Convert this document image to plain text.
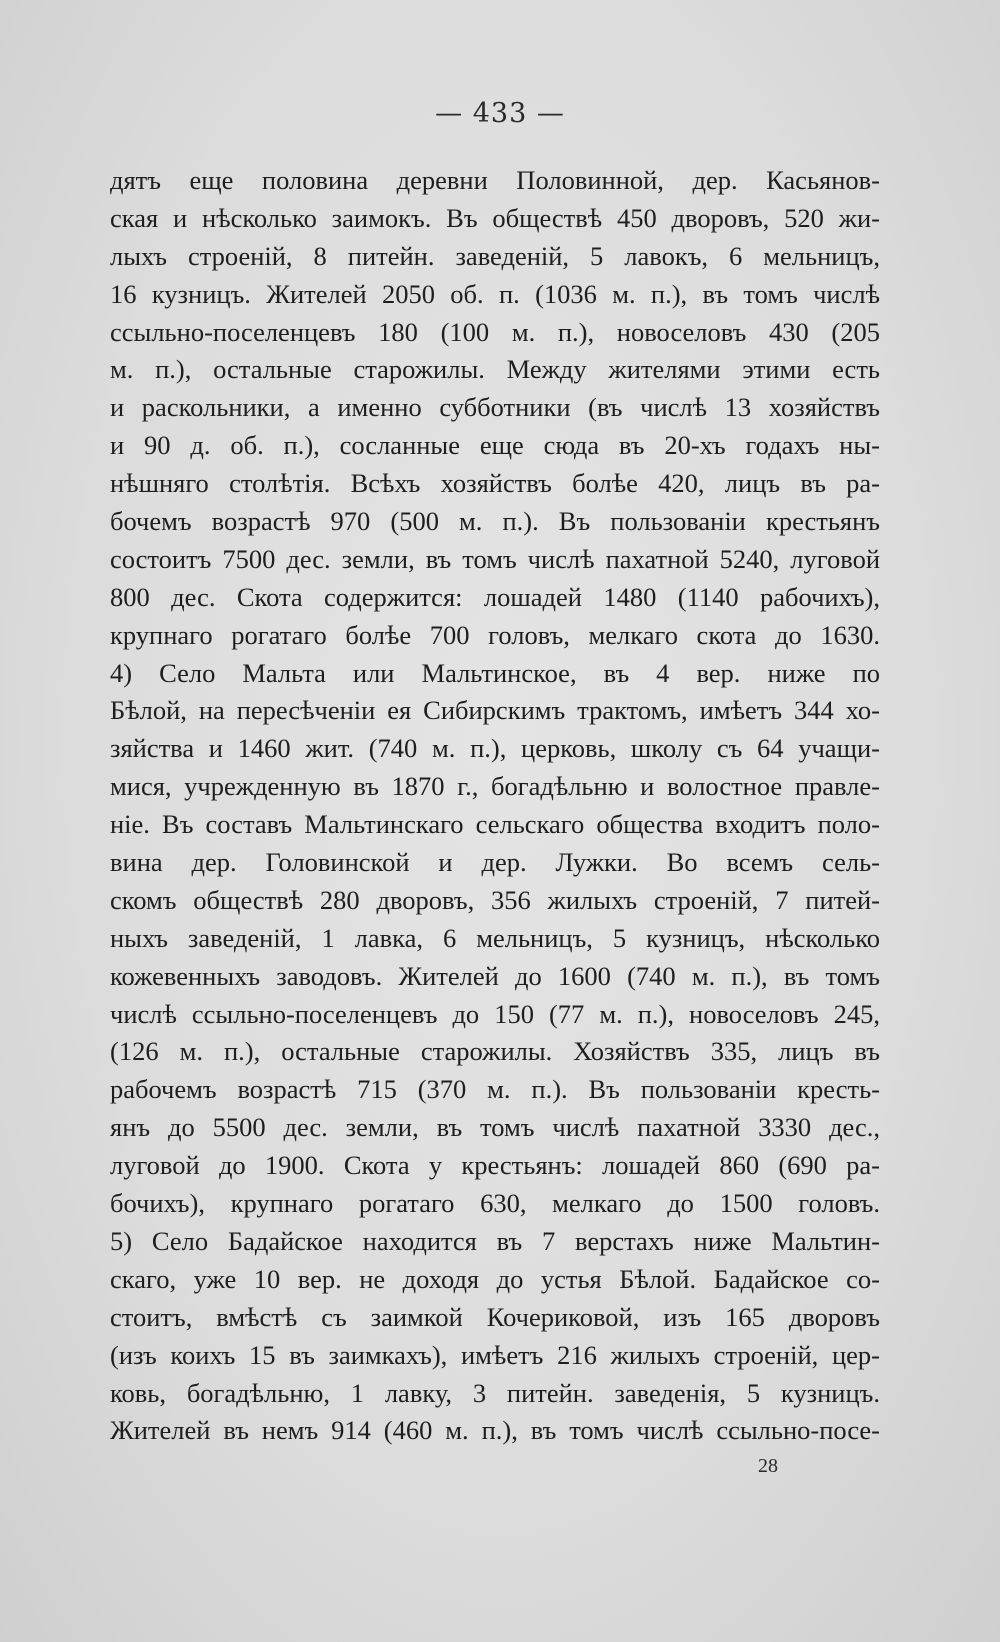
— 433 —
дятъ еще половина деревни Половинной, дер. Касьянов-
ская и нѣсколько заимокъ. Въ обществѣ 450 дворовъ, 520 жи-
лыхъ строеній, 8 питейн. заведеній, 5 лавокъ, 6 мельницъ,
16 кузницъ. Жителей 2050 об. п. (1036 м. п.), въ томъ числѣ
ссыльно-поселенцевъ 180 (100 м. п.), новоселовъ 430 (205
м. п.), остальные старожилы. Между жителями этими есть
и раскольники, а именно субботники (въ числѣ 13 хозяйствъ
и 90 д. об. п.), сосланные еще сюда въ 20-хъ годахъ ны-
нѣшняго столѣтія. Всѣхъ хозяйствъ болѣе 420, лицъ въ ра-
бочемъ возрастѣ 970 (500 м. п.). Въ пользованіи крестьянъ
состоитъ 7500 дес. земли, въ томъ числѣ пахатной 5240, луговой
800 дес. Скота содержится: лошадей 1480 (1140 рабочихъ),
крупнаго рогатаго болѣе 700 головъ, мелкаго скота до 1630.
4) Село Мальта или Мальтинское, въ 4 вер. ниже по
Бѣлой, на пересѣченіи ея Сибирскимъ трактомъ, имѣетъ 344 хо-
зяйства и 1460 жит. (740 м. п.), церковь, школу съ 64 учащи-
мися, учрежденную въ 1870 г., богадѣльню и волостное правле-
ніе. Въ составъ Мальтинскаго сельскаго общества входитъ поло-
вина дер. Головинской и дер. Лужки. Во всемъ сель-
скомъ обществѣ 280 дворовъ, 356 жилыхъ строеній, 7 питей-
ныхъ заведеній, 1 лавка, 6 мельницъ, 5 кузницъ, нѣсколько
кожевенныхъ заводовъ. Жителей до 1600 (740 м. п.), въ томъ
числѣ ссыльно-поселенцевъ до 150 (77 м. п.), новоселовъ 245,
(126 м. п.), остальные старожилы. Хозяйствъ 335, лицъ въ
рабочемъ возрастѣ 715 (370 м. п.). Въ пользованіи кресть-
янъ до 5500 дес. земли, въ томъ числѣ пахатной 3330 дес.,
луговой до 1900. Скота у крестьянъ: лошадей 860 (690 ра-
бочихъ), крупнаго рогатаго 630, мелкаго до 1500 головъ.
5) Село Бадайское находится въ 7 верстахъ ниже Мальтин-
скаго, уже 10 вер. не доходя до устья Бѣлой. Бадайское со-
стоитъ, вмѣстѣ съ заимкой Кочериковой, изъ 165 дворовъ
(изъ коихъ 15 въ заимкахъ), имѣетъ 216 жилыхъ строеній, цер-
ковь, богадѣльню, 1 лавку, 3 питейн. заведенія, 5 кузницъ.
Жителей въ немъ 914 (460 м. п.), въ томъ числѣ ссыльно-посе-
28
